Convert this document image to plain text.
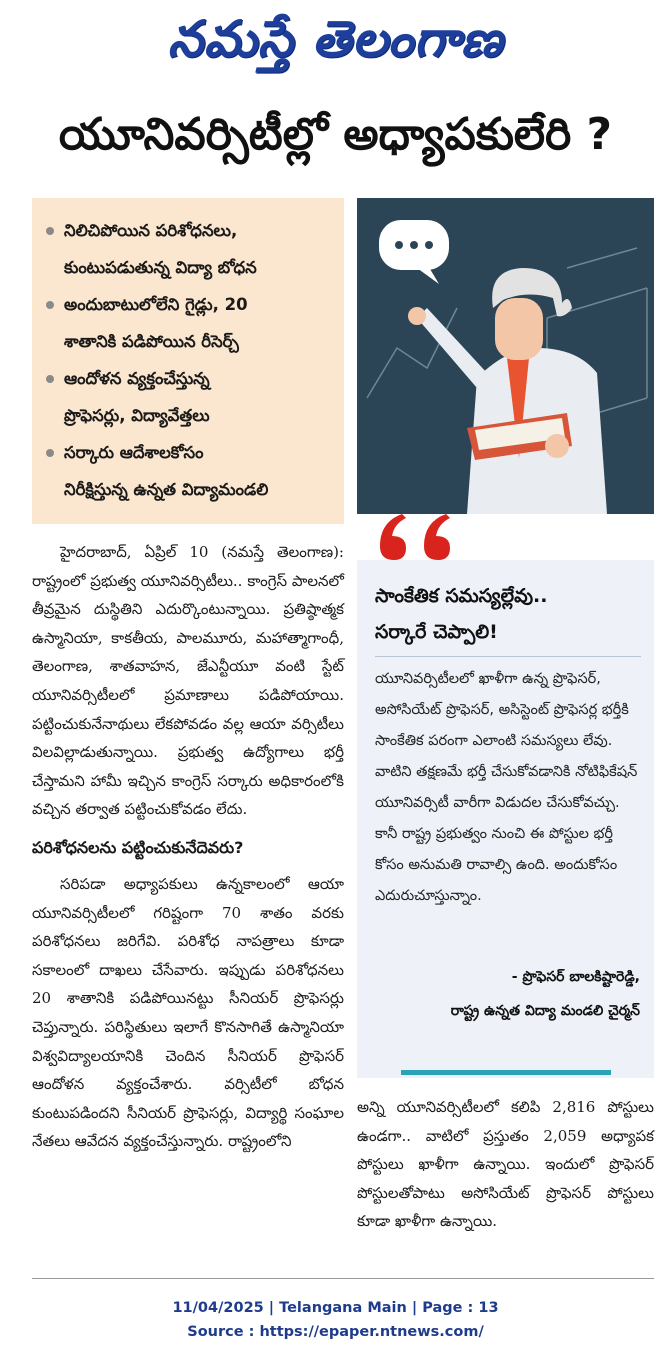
నమస్తే తెలంగాణ
యూనివర్సిటీల్లో అధ్యాపకులేరి ?
నిలిచిపోయిన పరిశోధనలు,
కుంటుపడుతున్న విద్యా బోధన
అందుబాటులోలేని గైడ్లు, 20
శాతానికి పడిపోయిన రీసెర్చ్
ఆందోళన వ్యక్తంచేస్తున్న
ప్రొఫెసర్లు, విద్యావేత్తలు
సర్కారు ఆదేశాలకోసం
నిరీక్షిస్తున్న ఉన్నత విద్యామండలి
సాంకేతిక సమస్యల్లేవు..
సర్కారే చెప్పాలి!
యూనివర్సిటీలలో ఖాళీగా ఉన్న ప్రొఫెసర్, అసోసియేట్ ప్రొఫెసర్, అసిస్టెంట్ ప్రొఫెసర్ల భర్తీకి సాంకేతిక పరంగా ఎలాంటి సమస్యలు లేవు. వాటిని తక్షణమే భర్తీ చేసుకోవడానికి నోటిఫికేషన్ యూనివర్సిటీ వారీగా విడుదల చేసుకోవచ్చు. కానీ రాష్ట్ర ప్రభుత్వం నుంచి ఈ పోస్టుల భర్తీ కోసం అనుమతి రావాల్సి ఉంది. అందుకోసం ఎదురుచూస్తున్నాం.
- ప్రొఫెసర్ బాలకిష్టారెడ్డి,
రాష్ట్ర ఉన్నత విద్యా మండలి చైర్మన్

హైదరాబాద్, ఏప్రిల్ 10 (నమస్తే తెలంగాణ): రాష్ట్రంలో ప్రభుత్వ యూనివర్సిటీలు.. కాంగ్రెస్ పాలనలో తీవ్రమైన దుస్థితిని ఎదుర్కొంటున్నాయి. ప్రతిష్ఠాత్మక ఉస్మానియా, కాకతీయ, పాలమూరు, మహాత్మాగాంధీ, తెలంగాణ, శాతవాహన, జేఎన్టీయూ వంటి స్టేట్ యూనివర్సిటీలలో ప్రమాణాలు పడిపోయాయి. పట్టించుకునేనాథులు లేకపోవడం వల్ల ఆయా వర్సిటీలు విలవిల్లాడుతున్నాయి. ప్రభుత్వ ఉద్యోగాలు భర్తీ చేస్తామని హామీ ఇచ్చిన కాంగ్రెస్ సర్కారు అధికారంలోకి వచ్చిన తర్వాత పట్టించుకోవడం లేదు.

పరిశోధనలను పట్టించుకునేదెవరు?

సరిపడా అధ్యాపకులు ఉన్నకాలంలో ఆయా యూనివర్సిటీలలో గరిష్టంగా 70 శాతం వరకు పరిశోధనలు జరిగేవి. పరిశోధ నాపత్రాలు కూడా సకాలంలో దాఖలు చేసేవారు. ఇప్పుడు పరిశోధనలు 20 శాతానికి పడిపోయినట్టు సీనియర్ ప్రొఫెసర్లు చెప్తున్నారు. పరిస్థితులు ఇలాగే కొనసాగితే ఉస్మానియా విశ్వవిద్యాలయానికి చెందిన సీనియర్ ప్రొఫెసర్ ఆందోళన వ్యక్తంచేశారు. వర్సిటీలో బోధన కుంటుపడిందని సీనియర్ ప్రొఫెసర్లు, విద్యార్థి సంఘాల నేతలు ఆవేదన వ్యక్తంచేస్తున్నారు. రాష్ట్రంలోని

అన్ని యూనివర్సిటీలలో కలిపి 2,816 పోస్టులు ఉండగా.. వాటిలో ప్రస్తుతం 2,059 అధ్యాపక పోస్టులు ఖాళీగా ఉన్నాయి. ఇందులో ప్రొఫెసర్ పోస్టులతోపాటు అసోసియేట్ ప్రొఫెసర్ పోస్టులు కూడా ఖాళీగా ఉన్నాయి.

11/04/2025 | Telangana Main | Page : 13
Source : https://epaper.ntnews.com/
